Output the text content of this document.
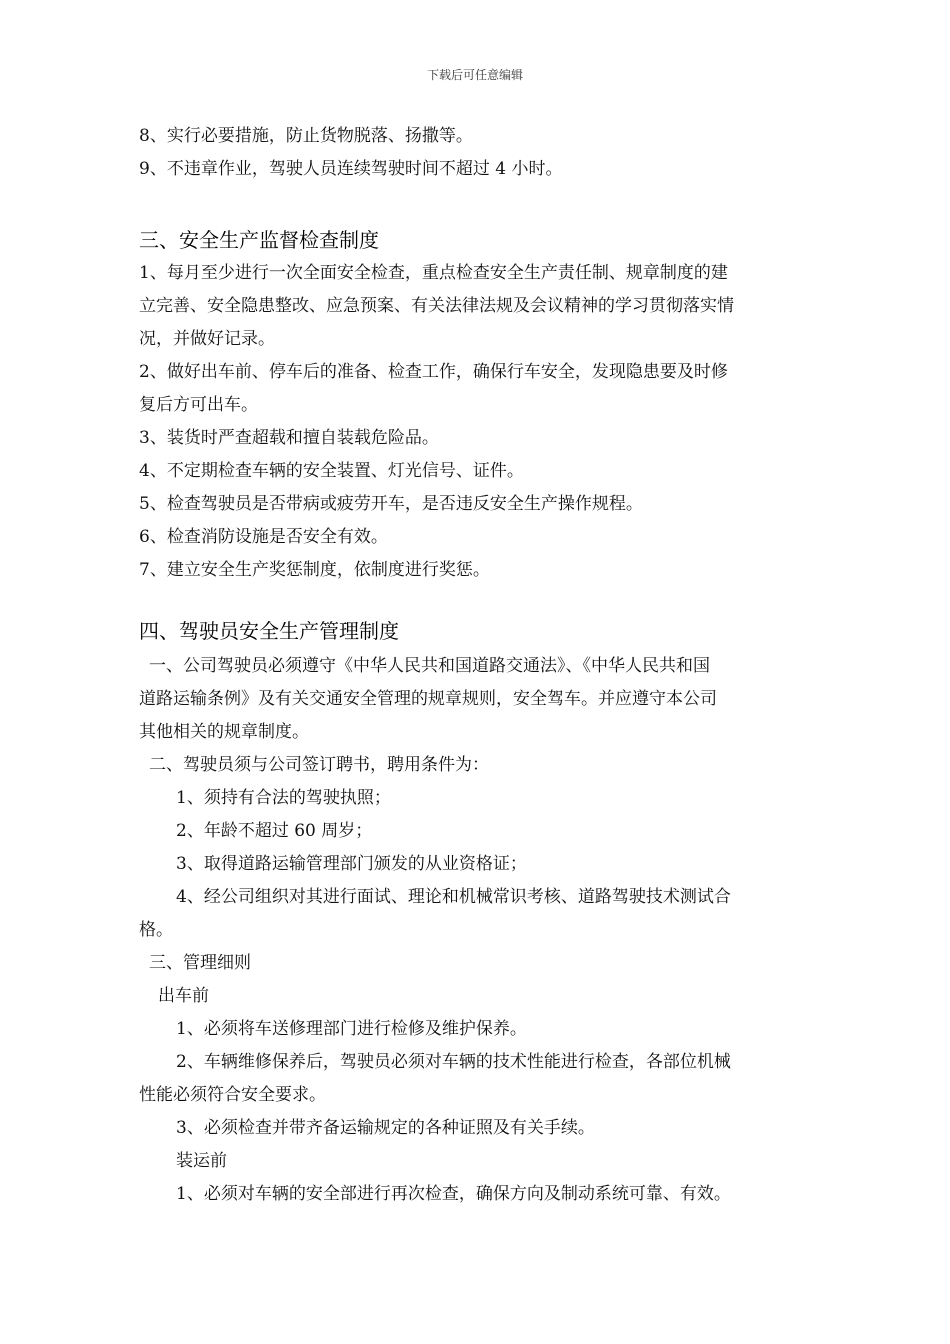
下载后可任意编辑
8、实行必要措施，防止货物脱落、扬撒等。
9、不违章作业，驾驶人员连续驾驶时间不超过 4 小时。
三、安全生产监督检查制度
1、每月至少进行一次全面安全检查，重点检查安全生产责任制、规章制度的建
立完善、安全隐患整改、应急预案、有关法律法规及会议精神的学习贯彻落实情
况，并做好记录。
2、做好出车前、停车后的准备、检查工作，确保行车安全，发现隐患要及时修
复后方可出车。
3、装货时严查超载和擅自装载危险品。
4、不定期检查车辆的安全装置、灯光信号、证件。
5、检查驾驶员是否带病或疲劳开车，是否违反安全生产操作规程。
6、检查消防设施是否安全有效。
7、建立安全生产奖惩制度，依制度进行奖惩。
四、驾驶员安全生产管理制度
一、公司驾驶员必须遵守《中华人民共和国道路交通法》、《中华人民共和国
道路运输条例》及有关交通安全管理的规章规则，安全驾车。并应遵守本公司
其他相关的规章制度。
二、驾驶员须与公司签订聘书，聘用条件为：
1、须持有合法的驾驶执照；
2、年龄不超过 60 周岁；
3、取得道路运输管理部门颁发的从业资格证；
4、经公司组织对其进行面试、理论和机械常识考核、道路驾驶技术测试合
格。
三、管理细则
出车前
1、必须将车送修理部门进行检修及维护保养。
2、车辆维修保养后，驾驶员必须对车辆的技术性能进行检查，各部位机械
性能必须符合安全要求。
3、必须检查并带齐备运输规定的各种证照及有关手续。
装运前
1、必须对车辆的安全部进行再次检查，确保方向及制动系统可靠、有效。
